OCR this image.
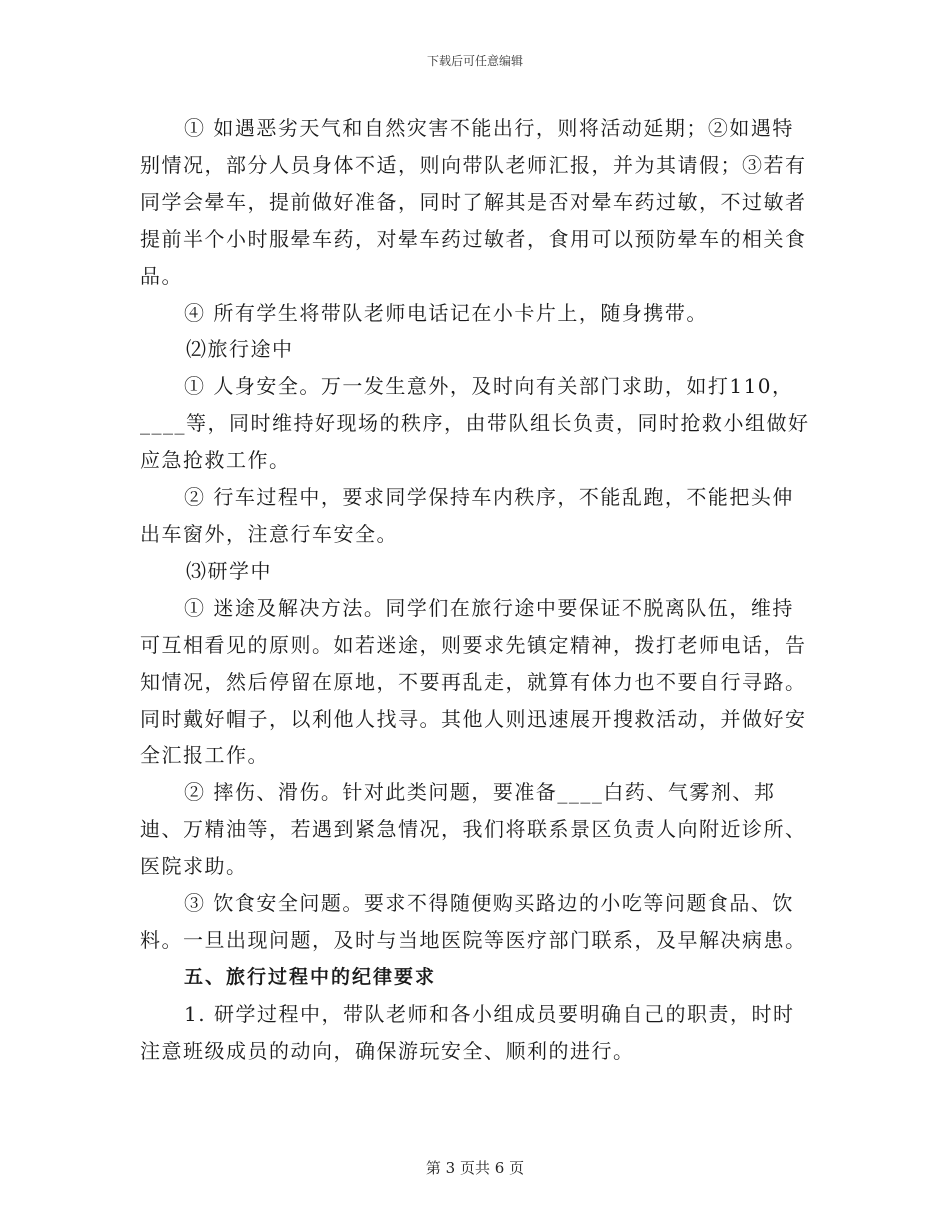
下载后可任意编辑

① 如遇恶劣天气和自然灾害不能出行，则将活动延期；②如遇特别情况，部分人员身体不适，则向带队老师汇报，并为其请假；③若有同学会晕车，提前做好准备，同时了解其是否对晕车药过敏，不过敏者提前半个小时服晕车药，对晕车药过敏者，食用可以预防晕车的相关食品。

④ 所有学生将带队老师电话记在小卡片上，随身携带。

⑵旅行途中

① 人身安全。万一发生意外，及时向有关部门求助，如打110，____等，同时维持好现场的秩序，由带队组长负责，同时抢救小组做好应急抢救工作。

② 行车过程中，要求同学保持车内秩序，不能乱跑，不能把头伸出车窗外，注意行车安全。

⑶研学中

① 迷途及解决方法。同学们在旅行途中要保证不脱离队伍，维持可互相看见的原则。如若迷途，则要求先镇定精神，拨打老师电话，告知情况，然后停留在原地，不要再乱走，就算有体力也不要自行寻路。同时戴好帽子，以利他人找寻。其他人则迅速展开搜救活动，并做好安全汇报工作。

② 摔伤、滑伤。针对此类问题，要准备____白药、气雾剂、邦迪、万精油等，若遇到紧急情况，我们将联系景区负责人向附近诊所、医院求助。

③ 饮食安全问题。要求不得随便购买路边的小吃等问题食品、饮料。一旦出现问题，及时与当地医院等医疗部门联系，及早解决病患。

五、旅行过程中的纪律要求

1. 研学过程中，带队老师和各小组成员要明确自己的职责，时时注意班级成员的动向，确保游玩安全、顺利的进行。

第 3 页共 6 页
